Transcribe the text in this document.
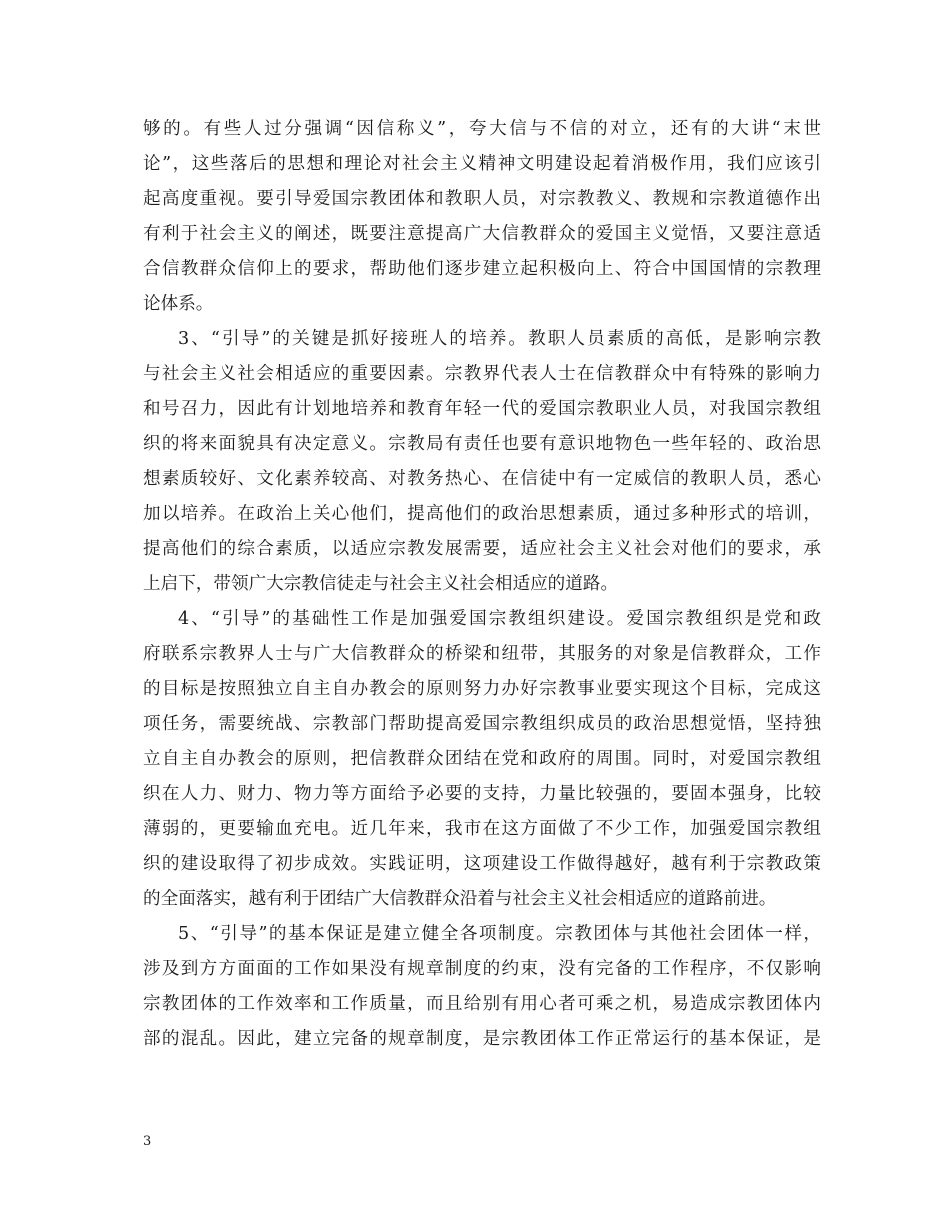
够的。有些人过分强调“因信称义”，夸大信与不信的对立，还有的大讲“末世
论”，这些落后的思想和理论对社会主义精神文明建设起着消极作用，我们应该引
起高度重视。要引导爱国宗教团体和教职人员，对宗教教义、教规和宗教道德作出
有利于社会主义的阐述，既要注意提高广大信教群众的爱国主义觉悟，又要注意适
合信教群众信仰上的要求，帮助他们逐步建立起积极向上、符合中国国情的宗教理
论体系。
3、“引导”的关键是抓好接班人的培养。教职人员素质的高低，是影响宗教
与社会主义社会相适应的重要因素。宗教界代表人士在信教群众中有特殊的影响力
和号召力，因此有计划地培养和教育年轻一代的爱国宗教职业人员，对我国宗教组
织的将来面貌具有决定意义。宗教局有责任也要有意识地物色一些年轻的、政治思
想素质较好、文化素养较高、对教务热心、在信徒中有一定威信的教职人员，悉心
加以培养。在政治上关心他们，提高他们的政治思想素质，通过多种形式的培训，
提高他们的综合素质，以适应宗教发展需要，适应社会主义社会对他们的要求，承
上启下，带领广大宗教信徒走与社会主义社会相适应的道路。
4、“引导”的基础性工作是加强爱国宗教组织建设。爱国宗教组织是党和政
府联系宗教界人士与广大信教群众的桥梁和纽带，其服务的对象是信教群众，工作
的目标是按照独立自主自办教会的原则努力办好宗教事业要实现这个目标，完成这
项任务，需要统战、宗教部门帮助提高爱国宗教组织成员的政治思想觉悟，坚持独
立自主自办教会的原则，把信教群众团结在党和政府的周围。同时，对爱国宗教组
织在人力、财力、物力等方面给予必要的支持，力量比较强的，要固本强身，比较
薄弱的，更要输血充电。近几年来，我市在这方面做了不少工作，加强爱国宗教组
织的建设取得了初步成效。实践证明，这项建设工作做得越好，越有利于宗教政策
的全面落实，越有利于团结广大信教群众沿着与社会主义社会相适应的道路前进。
5、“引导”的基本保证是建立健全各项制度。宗教团体与其他社会团体一样，
涉及到方方面面的工作如果没有规章制度的约束，没有完备的工作程序，不仅影响
宗教团体的工作效率和工作质量，而且给别有用心者可乘之机，易造成宗教团体内
部的混乱。因此，建立完备的规章制度，是宗教团体工作正常运行的基本保证，是
3
